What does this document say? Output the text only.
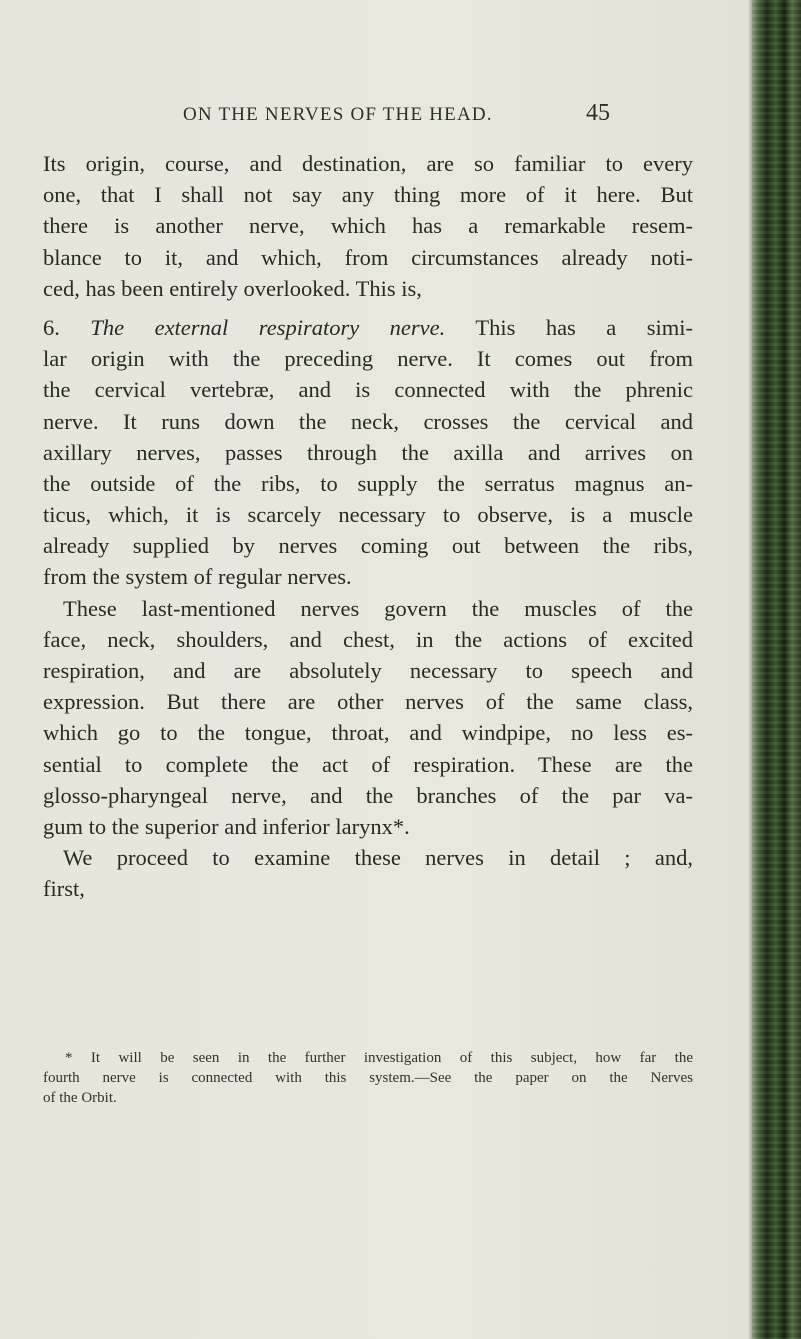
ON THE NERVES OF THE HEAD.	45
Its origin, course, and destination, are so familiar to every
one, that I shall not say any thing more of it here. But
there is another nerve, which has a remarkable resem-
blance to it, and which, from circumstances already noti-
ced, has been entirely overlooked. This is,
6. The external respiratory nerve. This has a simi-
lar origin with the preceding nerve. It comes out from
the cervical vertebræ, and is connected with the phrenic
nerve. It runs down the neck, crosses the cervical and
axillary nerves, passes through the axilla and arrives on
the outside of the ribs, to supply the serratus magnus an-
ticus, which, it is scarcely necessary to observe, is a muscle
already supplied by nerves coming out between the ribs,
from the system of regular nerves.
These last-mentioned nerves govern the muscles of the
face, neck, shoulders, and chest, in the actions of excited
respiration, and are absolutely necessary to speech and
expression. But there are other nerves of the same class,
which go to the tongue, throat, and windpipe, no less es-
sential to complete the act of respiration. These are the
glosso-pharyngeal nerve, and the branches of the par va-
gum to the superior and inferior larynx*.
We proceed to examine these nerves in detail ; and,
first,
* It will be seen in the further investigation of this subject, how far the
fourth nerve is connected with this system.—See the paper on the Nerves
of the Orbit.
